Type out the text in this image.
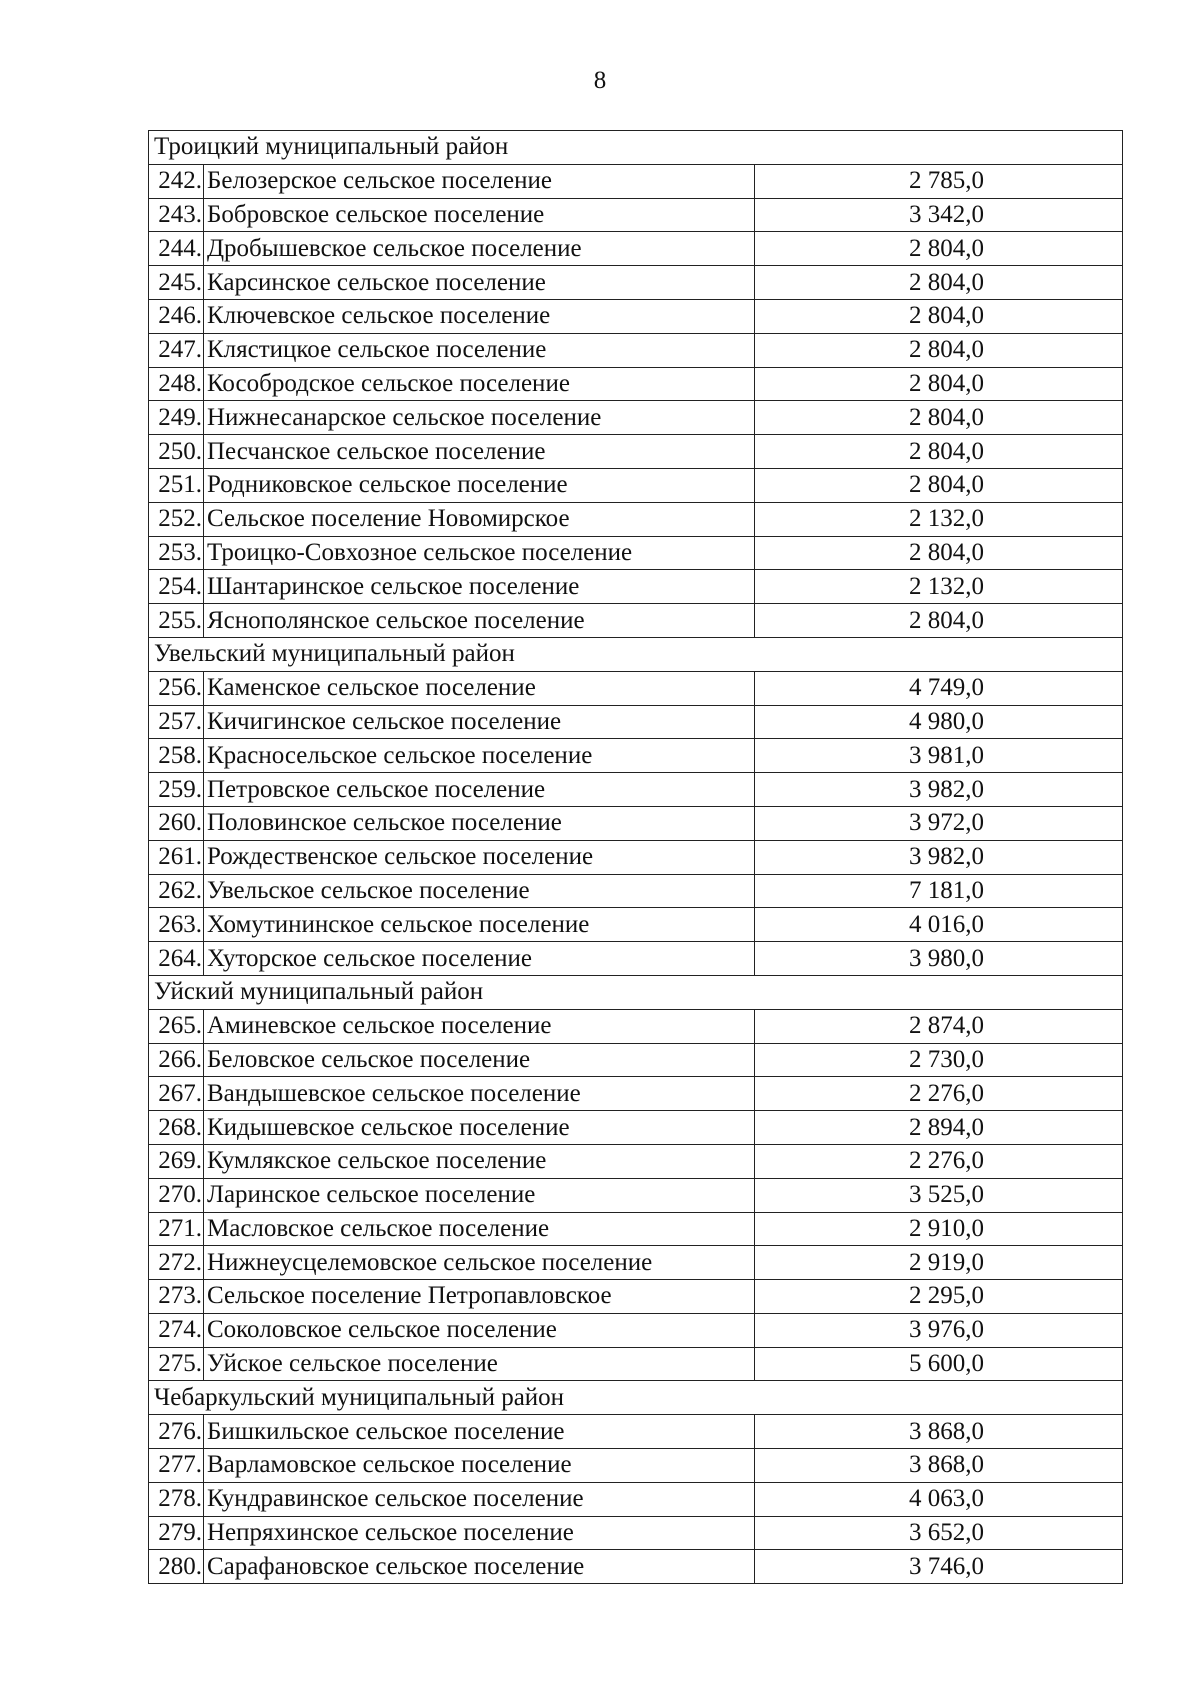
8
Троицкий муниципальный район		
242.	Белозерское сельское поселение	2 785,0
243.	Бобровское сельское поселение	3 342,0
244.	Дробышевское сельское поселение	2 804,0
245.	Карсинское сельское поселение	2 804,0
246.	Ключевское сельское поселение	2 804,0
247.	Клястицкое сельское поселение	2 804,0
248.	Кособродское сельское поселение	2 804,0
249.	Нижнесанарское сельское поселение	2 804,0
250.	Песчанское сельское поселение	2 804,0
251.	Родниковское сельское поселение	2 804,0
252.	Сельское поселение Новомирское	2 132,0
253.	Троицко-Совхозное сельское поселение	2 804,0
254.	Шантаринское сельское поселение	2 132,0
255.	Яснополянское сельское поселение	2 804,0
Увельский муниципальный район		
256.	Каменское сельское поселение	4 749,0
257.	Кичигинское сельское поселение	4 980,0
258.	Красносельское сельское поселение	3 981,0
259.	Петровское сельское поселение	3 982,0
260.	Половинское сельское поселение	3 972,0
261.	Рождественское сельское поселение	3 982,0
262.	Увельское сельское поселение	7 181,0
263.	Хомутининское сельское поселение	4 016,0
264.	Хуторское сельское поселение	3 980,0
Уйский муниципальный район		
265.	Аминевское сельское поселение	2 874,0
266.	Беловское сельское поселение	2 730,0
267.	Вандышевское сельское поселение	2 276,0
268.	Кидышевское сельское поселение	2 894,0
269.	Кумлякское сельское поселение	2 276,0
270.	Ларинское сельское поселение	3 525,0
271.	Масловское сельское поселение	2 910,0
272.	Нижнеусцелемовское сельское поселение	2 919,0
273.	Сельское поселение Петропавловское	2 295,0
274.	Соколовское сельское поселение	3 976,0
275.	Уйское сельское поселение	5 600,0
Чебаркульский муниципальный район		
276.	Бишкильское сельское поселение	3 868,0
277.	Варламовское сельское поселение	3 868,0
278.	Кундравинское сельское поселение	4 063,0
279.	Непряхинское сельское поселение	3 652,0
280.	Сарафановское сельское поселение	3 746,0
